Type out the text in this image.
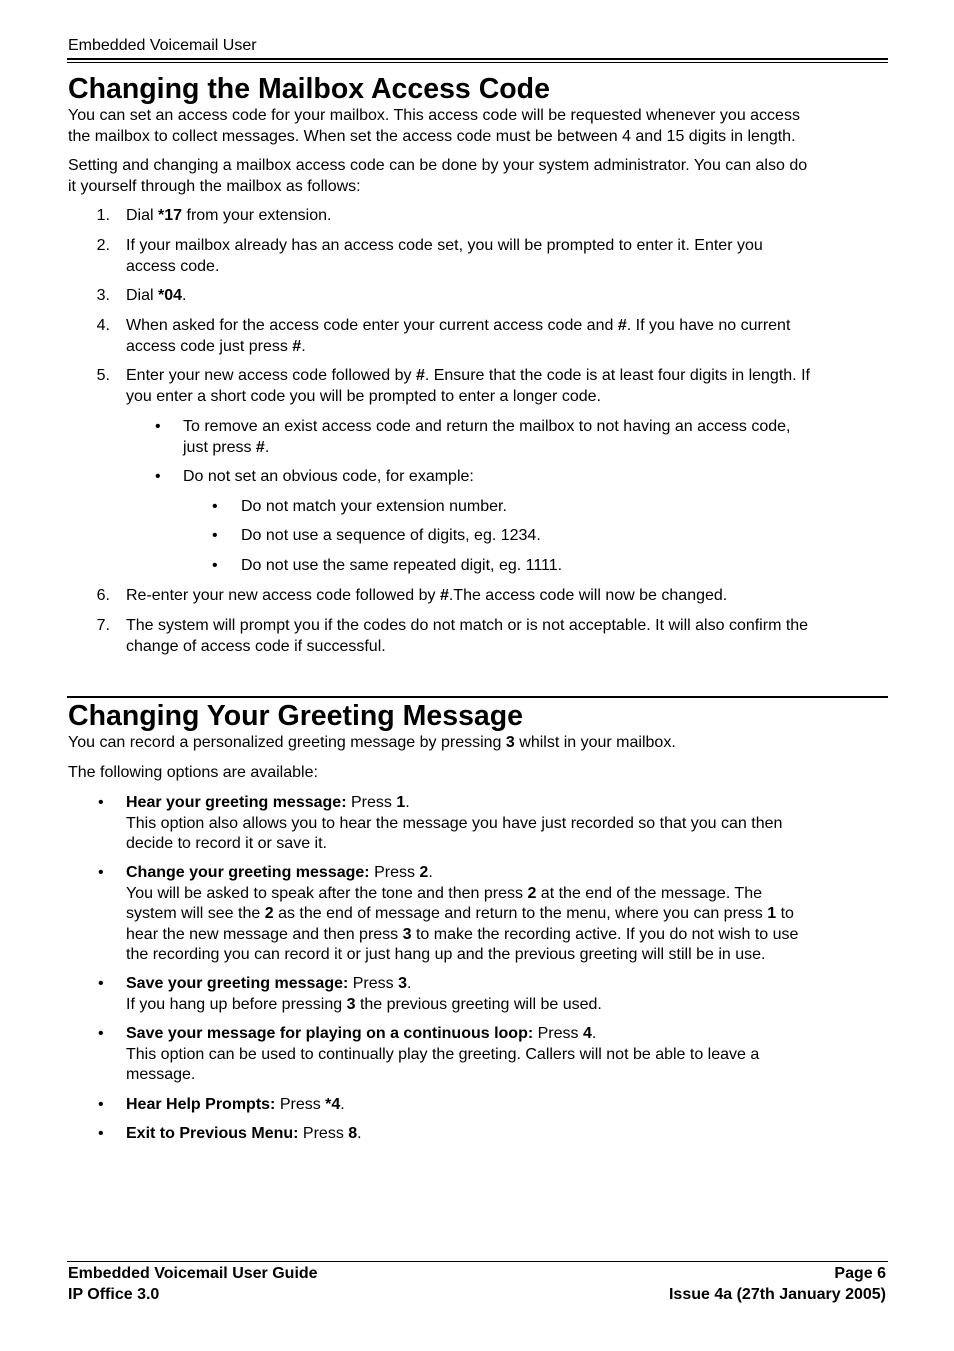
Embedded Voicemail User
Changing the Mailbox Access Code
You can set an access code for your mailbox. This access code will be requested whenever you access
the mailbox to collect messages. When set the access code must be between 4 and 15 digits in length.
Setting and changing a mailbox access code can be done by your system administrator. You can also do
it yourself through the mailbox as follows:
1. Dial *17 from your extension.
2. If your mailbox already has an access code set, you will be prompted to enter it. Enter you
access code.
3. Dial *04.
4. When asked for the access code enter your current access code and #. If you have no current
access code just press #.
5. Enter your new access code followed by #. Ensure that the code is at least four digits in length. If
you enter a short code you will be prompted to enter a longer code.
• To remove an exist access code and return the mailbox to not having an access code,
just press #.
• Do not set an obvious code, for example:
• Do not match your extension number.
• Do not use a sequence of digits, eg. 1234.
• Do not use the same repeated digit, eg. 1111.
6. Re-enter your new access code followed by #.The access code will now be changed.
7. The system will prompt you if the codes do not match or is not acceptable. It will also confirm the
change of access code if successful.
Changing Your Greeting Message
You can record a personalized greeting message by pressing 3 whilst in your mailbox.
The following options are available:
• Hear your greeting message: Press 1.
This option also allows you to hear the message you have just recorded so that you can then
decide to record it or save it.
• Change your greeting message: Press 2.
You will be asked to speak after the tone and then press 2 at the end of the message. The
system will see the 2 as the end of message and return to the menu, where you can press 1 to
hear the new message and then press 3 to make the recording active. If you do not wish to use
the recording you can record it or just hang up and the previous greeting will still be in use.
• Save your greeting message: Press 3.
If you hang up before pressing 3 the previous greeting will be used.
• Save your message for playing on a continuous loop: Press 4.
This option can be used to continually play the greeting. Callers will not be able to leave a
message.
• Hear Help Prompts: Press *4.
• Exit to Previous Menu: Press 8.
Embedded Voicemail User Guide	Page 6
IP Office 3.0	Issue 4a (27th January 2005)
